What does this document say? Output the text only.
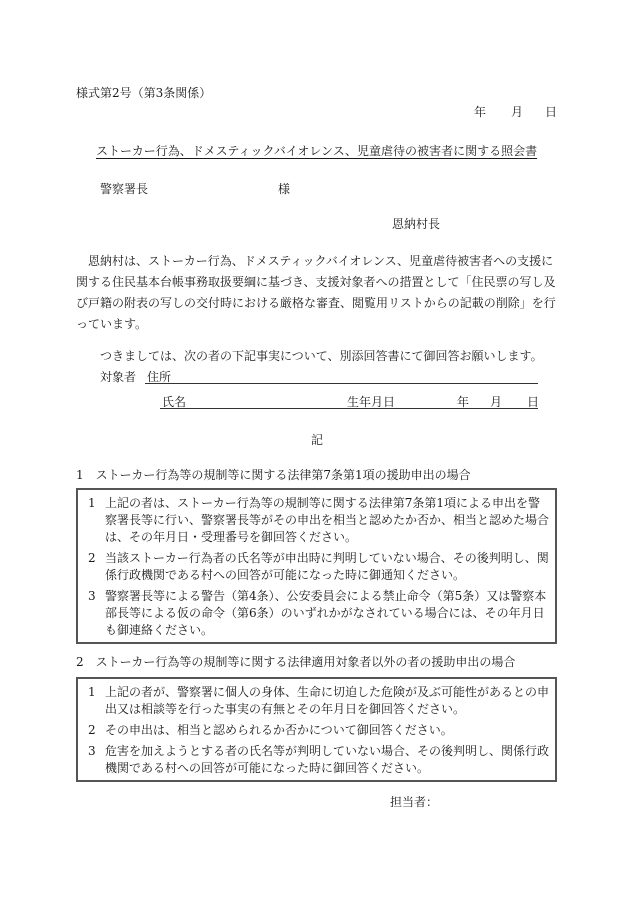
様式第2号（第3条関係）
年 月 日
ストーカー行為、ドメスティックバイオレンス、児童虐待の被害者に関する照会書
警察署長	様
恩納村長
恩納村は、ストーカー行為、ドメスティックバイオレンス、児童虐待被害者への支援に関する住民基本台帳事務取扱要綱に基づき、支援対象者への措置として「住民票の写し及び戸籍の附表の写しの交付時における厳格な審査、閲覧用リストからの記載の削除」を行っています。
つきましては、次の者の下記事実について、別添回答書にて御回答お願いします。
対象者 住所
氏名	生年月日	年 月 日
記
1　ストーカー行為等の規制等に関する法律第7条第1項の援助申出の場合
1 上記の者は、ストーカー行為等の規制等に関する法律第7条第1項による申出を警察署長等に行い、警察署長等がその申出を相当と認めたか否か、相当と認めた場合は、その年月日・受理番号を御回答ください。
2 当該ストーカー行為者の氏名等が申出時に判明していない場合、その後判明し、関係行政機関である村への回答が可能になった時に御通知ください。
3 警察署長等による警告（第4条）、公安委員会による禁止命令（第5条）又は警察本部長等による仮の命令（第6条）のいずれかがなされている場合には、その年月日も御連絡ください。
2　ストーカー行為等の規制等に関する法律適用対象者以外の者の援助申出の場合
1 上記の者が、警察署に個人の身体、生命に切迫した危険が及ぶ可能性があるとの申出又は相談等を行った事実の有無とその年月日を御回答ください。
2 その申出は、相当と認められるか否かについて御回答ください。
3 危害を加えようとする者の氏名等が判明していない場合、その後判明し、関係行政機関である村への回答が可能になった時に御回答ください。
担当者：
